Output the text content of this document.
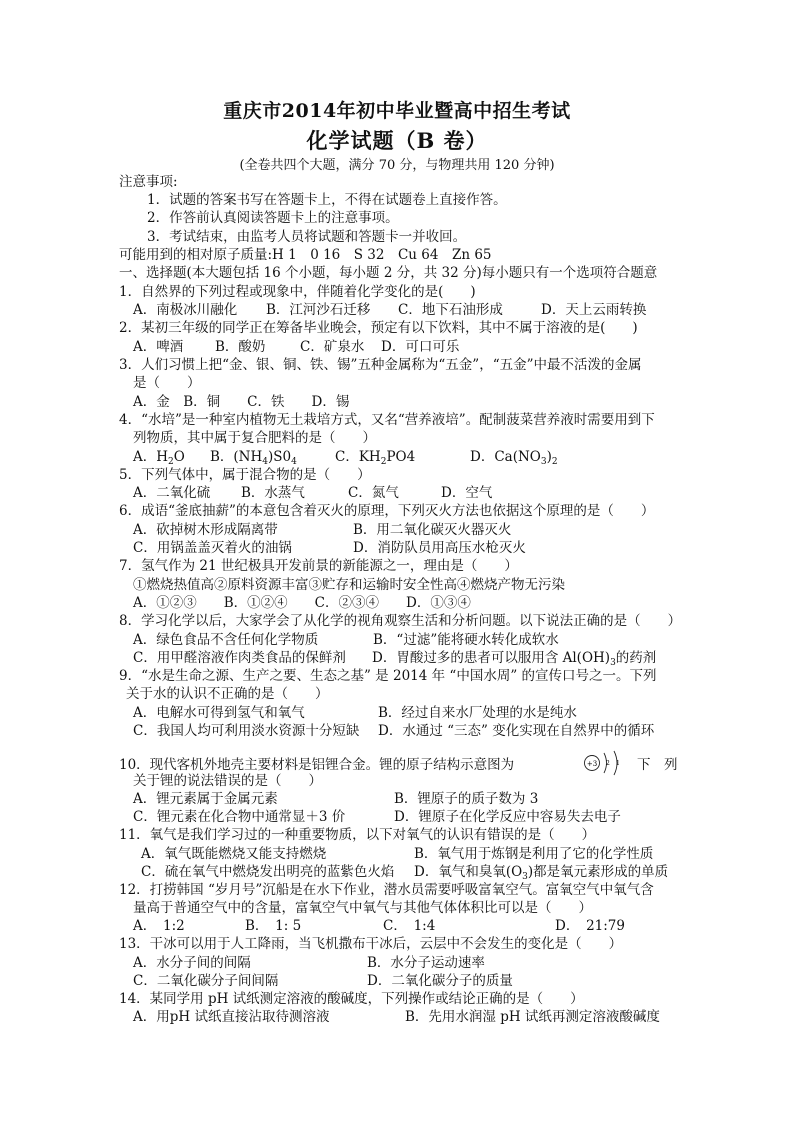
重庆市2014年初中毕业暨高中招生考试
化学试题（B 卷）
(全卷共四个大题，满分 70 分，与物理共用 120 分钟)
注意事项:
1．试题的答案书写在答题卡上，不得在试题卷上直接作答。
2．作答前认真阅读答题卡上的注意事项。
3．考试结束，由监考人员将试题和答题卡一并收回。
可能用到的相对原子质量:H 1　0 16　S 32　Cu 64　Zn 65
一、选择题(本大题包括 16 个小题，每小题 2 分，共 32 分)每小题只有一个选项符合题意
1．自然界的下列过程或现象中，伴随着化学变化的是(　　)
A．南极冰川融化 B．江河沙石迁移 C．地下石油形成	D．天上云雨转换
2．某初三年级的同学正在筹备毕业晚会，预定有以下饮料，其中不属于溶液的是(　　)
A．啤酒 B．酸奶	C．矿泉水 D．可口可乐
3．人们习惯上把“金、银、铜、铁、锡”五种金属称为“五金”，“五金”中最不活泼的金属
是（　　）
A．金　B．铜　　C．铁　　D．锡
4．“水培”是一种室内植物无土栽培方式，又名“营养液培”。配制菠菜营养液时需要用到下
列物质，其中属于复合肥料的是（　　）
A．$H_2O$ B．$(NH_4)S0_4$	C．$KH_2PO4$	D．$Ca(NO_3)_2$
5．下列气体中，属于混合物的是（　　）
A．二氧化硫 B．水蒸气	C．氮气	D．空气
6．成语“釜底抽薪”的本意包含着灭火的原理，下列灭火方法也依据这个原理的是（　　）
A．砍掉树木形成隔离带	B．用二氧化碳灭火器灭火
C．用锅盖盖灭着火的油锅	D．消防队员用高压水枪灭火
7．氢气作为 21 世纪极具开发前景的新能源之一，理由是（　　）
①燃烧热值高②原料资源丰富③贮存和运输时安全性高④燃烧产物无污染
A．①②③　　B．①②④　　C．②③④　　D．①③④
8．学习化学以后，大家学会了从化学的视角观察生活和分析问题。以下说法正确的是（　　）
A．绿色食品不含任何化学物质	B．“过滤”能将硬水转化成软水
C．用甲醛溶液作肉类食品的保鲜剂 D．胃酸过多的患者可以服用含 $Al(OH)_3$的药剂
9．“水是生命之源、生产之要、生态之基” 是 2014 年 “中国水周” 的宣传口号之一。下列
关于水的认识不正确的是（　　）
A．电解水可得到氢气和氧气	B．经过自来水厂处理的水是纯水
C．我国人均可利用淡水资源十分短缺 D．水通过 “三态” 变化实现在自然界中的循环
10．现代客机外地壳主要材料是铝锂合金。锂的原子结构示意图为	+3 2 1 下　列
关于锂的说法错误的是（　　）
A．锂元素属于金属元素	B．锂原子的质子数为 3
C．锂元素在化合物中通常显＋3 价	D．锂原子在化学反应中容易失去电子
11．氧气是我们学习过的一种重要物质，以下对氧气的认识有错误的是（　　）
A．氧气既能燃烧又能支持燃烧	B．氧气用于炼钢是利用了它的化学性质
C．硫在氧气中燃烧发出明亮的蓝紫色火焰 D．氧气和臭氧$(O_3)$都是氧元素形成的单质
12．打捞韩国 “岁月号”沉船是在水下作业，潜水员需要呼吸富氧空气。富氧空气中氧气含
量高于普通空气中的含量，富氧空气中氧气与其他气体体积比可以是（　　）
A．　1:2	B．　1: 5	C．　1:4	D．　21:79
13．干冰可以用于人工降雨，当飞机撒布干冰后，云层中不会发生的变化是（　　）
A．水分子间的间隔	B．水分子运动速率
C．二氧化碳分子间间隔	D．二氧化碳分子的质量
14．某同学用 pH 试纸测定溶液的酸碱度，下列操作或结论正确的是（　　）
A．用pH 试纸直接沾取待测溶液	B．先用水润湿 pH 试纸再测定溶液酸碱度
